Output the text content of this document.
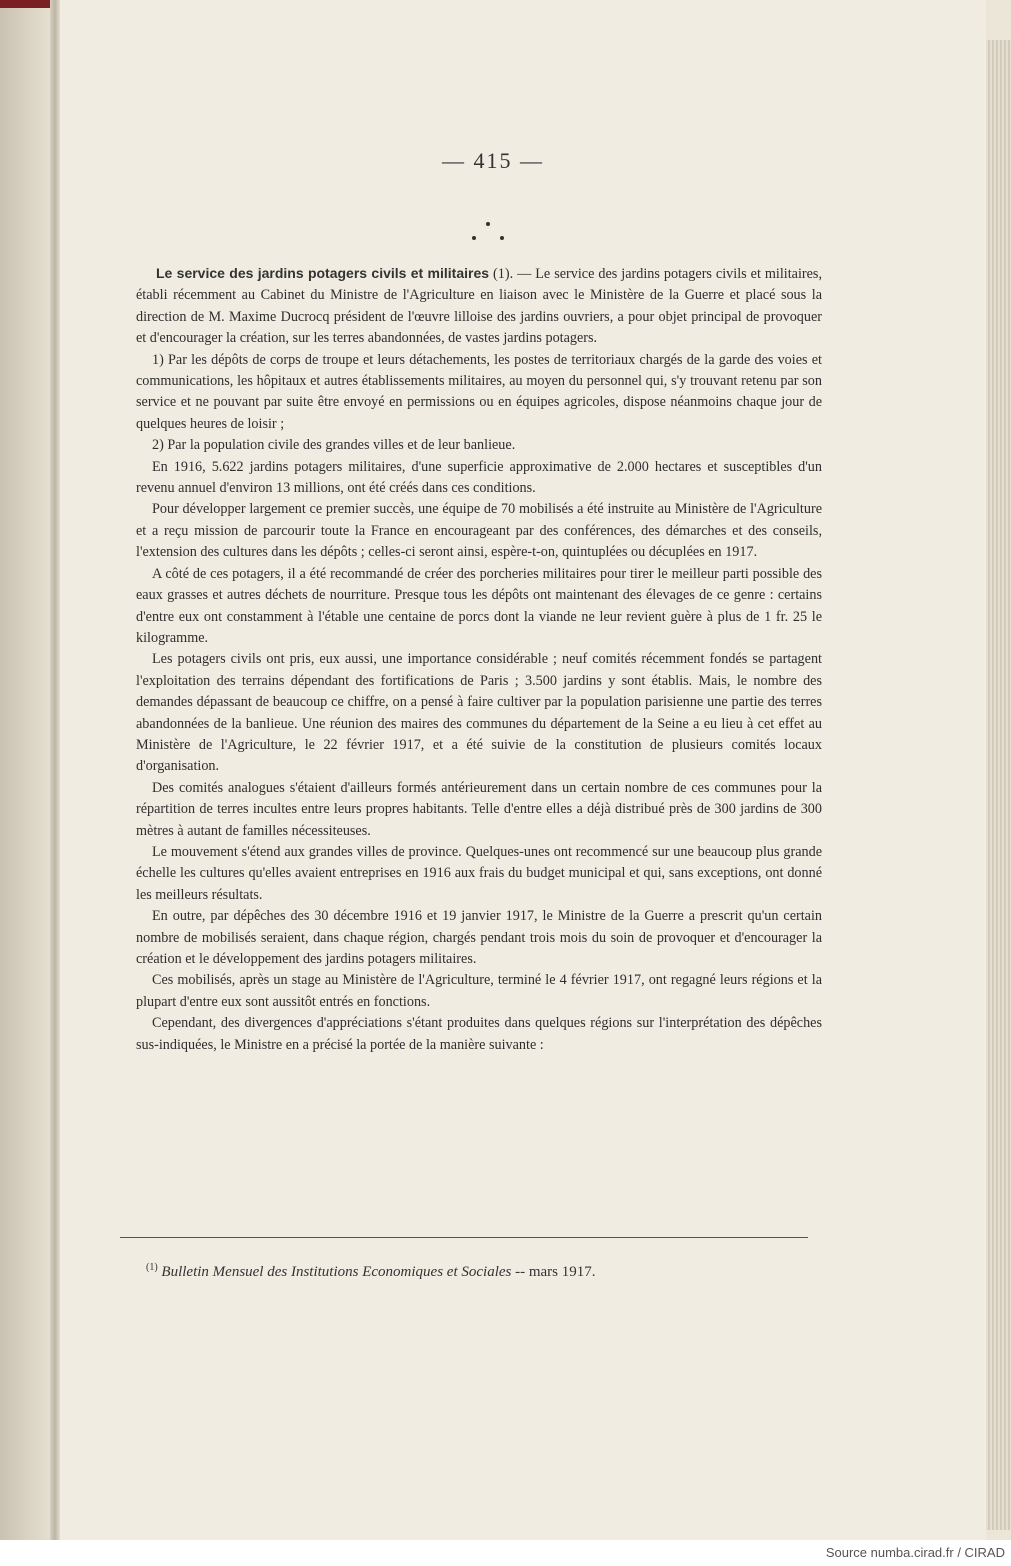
— 415 —

Le service des jardins potagers civils et militaires (1). — Le service des jardins potagers civils et militaires, établi récemment au Cabinet du Ministre de l'Agriculture en liaison avec le Ministère de la Guerre et placé sous la direction de M. Maxime Ducrocq président de l'œuvre lilloise des jardins ouvriers, a pour objet principal de provoquer et d'encourager la création, sur les terres abandonnées, de vastes jardins potagers.

1) Par les dépôts de corps de troupe et leurs détachements, les postes de territoriaux chargés de la garde des voies et communications, les hôpitaux et autres établissements militaires, au moyen du personnel qui, s'y trouvant retenu par son service et ne pouvant par suite être envoyé en permissions ou en équipes agricoles, dispose néanmoins chaque jour de quelques heures de loisir ;

2) Par la population civile des grandes villes et de leur banlieue.

En 1916, 5.622 jardins potagers militaires, d'une superficie approximative de 2.000 hectares et susceptibles d'un revenu annuel d'environ 13 millions, ont été créés dans ces conditions.

Pour développer largement ce premier succès, une équipe de 70 mobilisés a été instruite au Ministère de l'Agriculture et a reçu mission de parcourir toute la France en encourageant par des conférences, des démarches et des conseils, l'extension des cultures dans les dépôts ; celles-ci seront ainsi, espère-t-on, quintuplées ou décuplées en 1917.

A côté de ces potagers, il a été recommandé de créer des porcheries militaires pour tirer le meilleur parti possible des eaux grasses et autres déchets de nourriture. Presque tous les dépôts ont maintenant des élevages de ce genre : certains d'entre eux ont constamment à l'étable une centaine de porcs dont la viande ne leur revient guère à plus de 1 fr. 25 le kilogramme.

Les potagers civils ont pris, eux aussi, une importance considérable ; neuf comités récemment fondés se partagent l'exploitation des terrains dépendant des fortifications de Paris ; 3.500 jardins y sont établis. Mais, le nombre des demandes dépassant de beaucoup ce chiffre, on a pensé à faire cultiver par la population parisienne une partie des terres abandonnées de la banlieue. Une réunion des maires des communes du département de la Seine a eu lieu à cet effet au Ministère de l'Agriculture, le 22 février 1917, et a été suivie de la constitution de plusieurs comités locaux d'organisation.

Des comités analogues s'étaient d'ailleurs formés antérieurement dans un certain nombre de ces communes pour la répartition de terres incultes entre leurs propres habitants. Telle d'entre elles a déjà distribué près de 300 jardins de 300 mètres à autant de familles nécessiteuses.

Le mouvement s'étend aux grandes villes de province. Quelques-unes ont recommencé sur une beaucoup plus grande échelle les cultures qu'elles avaient entreprises en 1916 aux frais du budget municipal et qui, sans exceptions, ont donné les meilleurs résultats.

En outre, par dépêches des 30 décembre 1916 et 19 janvier 1917, le Ministre de la Guerre a prescrit qu'un certain nombre de mobilisés seraient, dans chaque région, chargés pendant trois mois du soin de provoquer et d'encourager la création et le développement des jardins potagers militaires.

Ces mobilisés, après un stage au Ministère de l'Agriculture, terminé le 4 février 1917, ont regagné leurs régions et la plupart d'entre eux sont aussitôt entrés en fonctions.

Cependant, des divergences d'appréciations s'étant produites dans quelques régions sur l'interprétation des dépêches sus-indiquées, le Ministre en a précisé la portée de la manière suivante :

$^{(1)}$ Bulletin Mensuel des Institutions Economiques et Sociales -- mars 1917.
Source numba.cirad.fr / CIRAD
